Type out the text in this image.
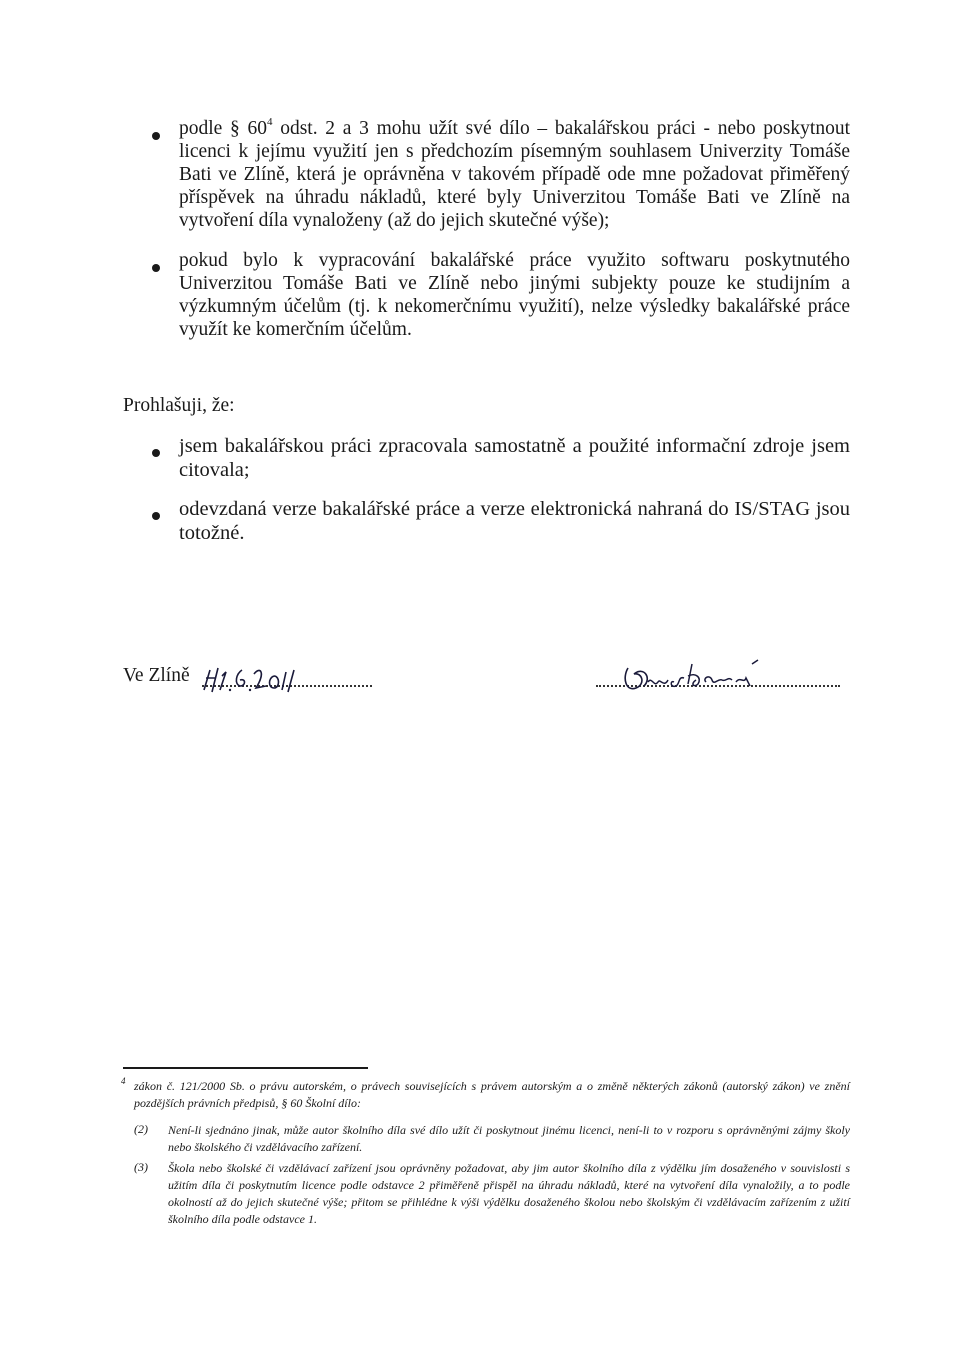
podle § $60^4$ odst. 2 a 3 mohu užít své dílo – bakalářskou práci - nebo poskytnout licenci k jejímu využití jen s předchozím písemným souhlasem Univerzity Tomáše Bati ve Zlíně, která je oprávněna v takovém případě ode mne požadovat přiměřený příspěvek na úhradu nákladů, které byly Univerzitou Tomáše Bati ve Zlíně na vytvoření díla vynaloženy (až do jejich skutečné výše);
pokud bylo k vypracování bakalářské práce využito softwaru poskytnutého Univerzitou Tomáše Bati ve Zlíně nebo jinými subjekty pouze ke studijním a výzkumným účelům (tj. k nekomerčnímu využití), nelze výsledky bakalářské práce využít ke komerčním účelům.
Prohlašuji, že:
jsem bakalářskou práci zpracovala samostatně a použité informační zdroje jsem citovala;
odevzdaná verze bakalářské práce a verze elektronická nahraná do IS/STAG jsou totožné.
Ve Zlíně
4 zákon č. 121/2000 Sb. o právu autorském, o právech souvisejících s právem autorským a o změně některých zákonů (autorský zákon) ve znění pozdějších právních předpisů, § 60 Školní dílo:
(2) Není-li sjednáno jinak, může autor školního díla své dílo užít či poskytnout jinému licenci, není-li to v rozporu s oprávněnými zájmy školy nebo školského či vzdělávacího zařízení.
(3) Škola nebo školské či vzdělávací zařízení jsou oprávněny požadovat, aby jim autor školního díla z výdělku jím dosaženého v souvislosti s užitím díla či poskytnutím licence podle odstavce 2 přiměřeně přispěl na úhradu nákladů, které na vytvoření díla vynaložily, a to podle okolností až do jejich skutečné výše; přitom se přihlédne k výši výdělku dosaženého školou nebo školským či vzdělávacím zařízením z užití školního díla podle odstavce 1.
